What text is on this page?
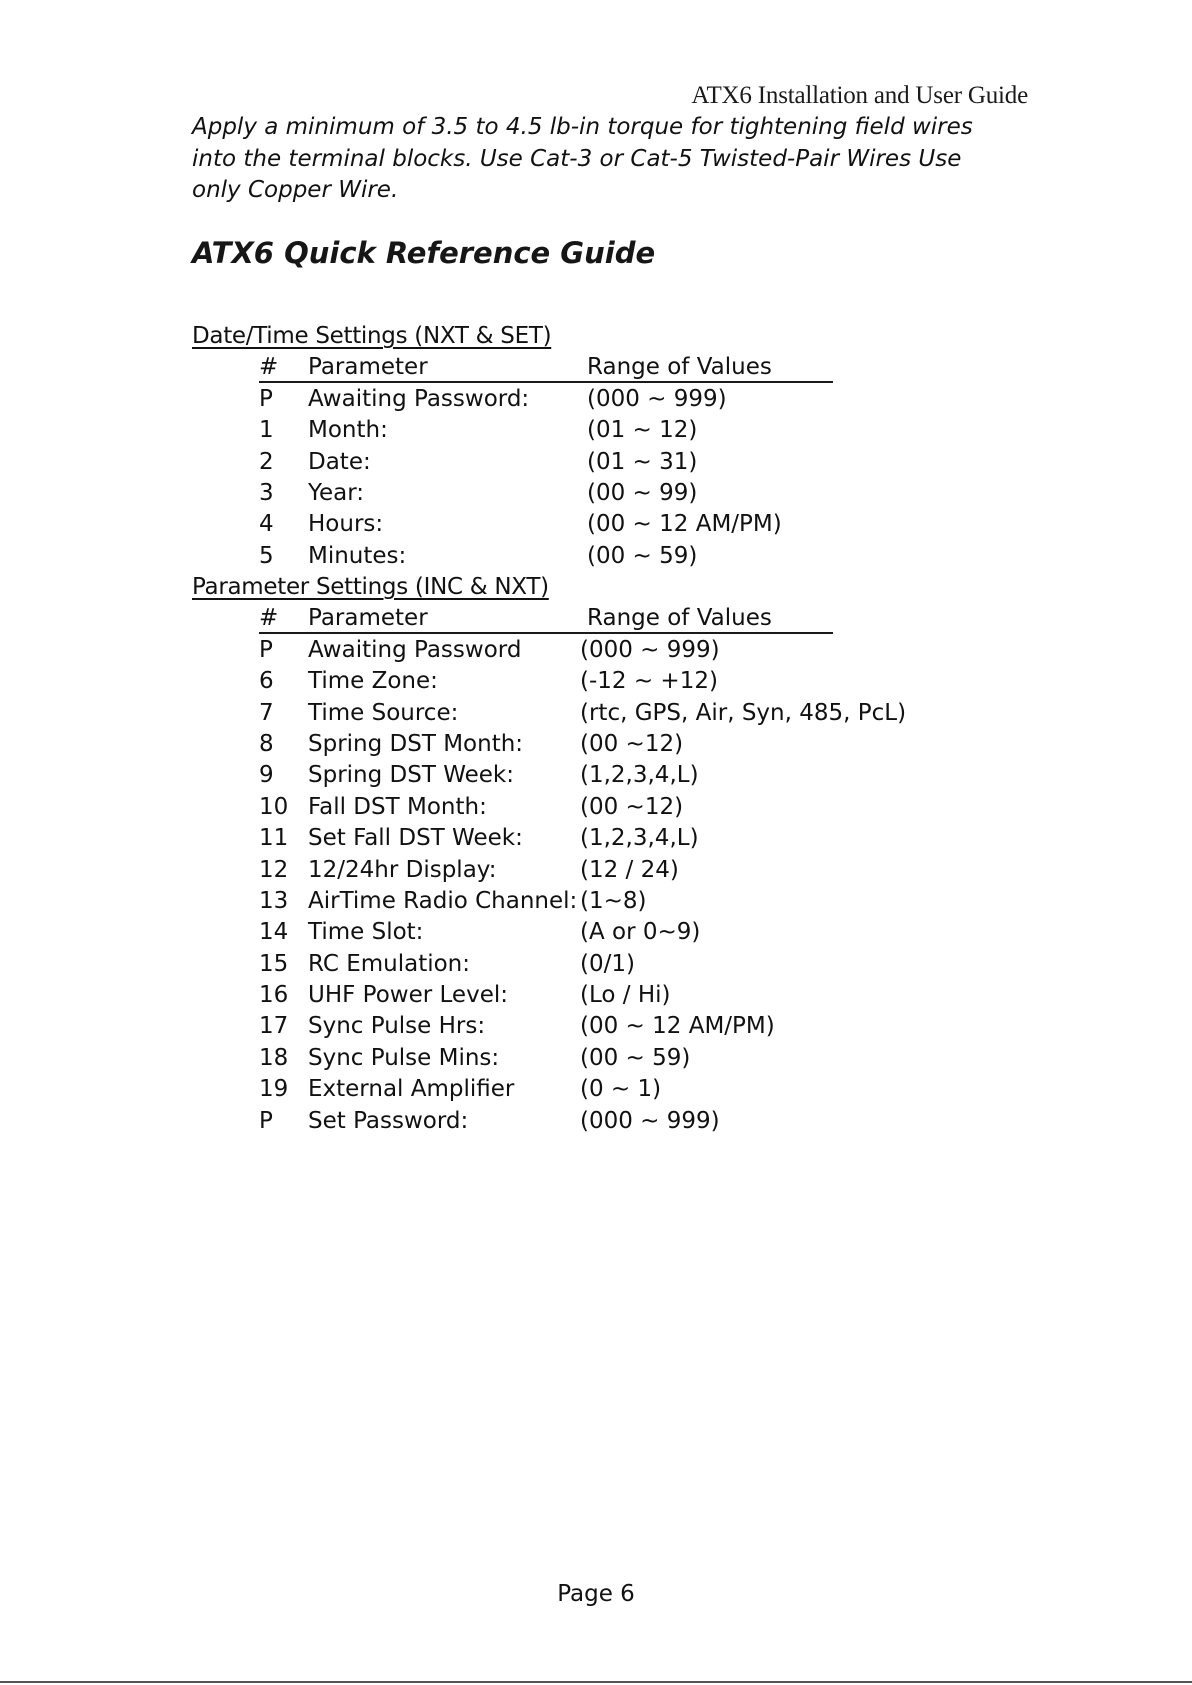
ATX6 Installation and User Guide
Apply a minimum of 3.5 to 4.5 lb-in torque for tightening field wires
into the terminal blocks. Use Cat-3 or Cat-5 Twisted-Pair Wires Use
only Copper Wire.
ATX6 Quick Reference Guide
Date/Time Settings (NXT & SET)
# Parameter	Range of Values
P Awaiting Password:	(000 ~ 999)
1 Month:	(01 ~ 12)
2 Date:	(01 ~ 31)
3 Year:	(00 ~ 99)
4 Hours:	(00 ~ 12 AM/PM)
5 Minutes:	(00 ~ 59)
Parameter Settings (INC & NXT)
# Parameter	Range of Values
P Awaiting Password	(000 ~ 999)
6 Time Zone:	(-12 ~ +12)
7 Time Source:	(rtc, GPS, Air, Syn, 485, PcL)
8 Spring DST Month: (00 ~12)
9 Spring DST Week:	(1,2,3,4,L)
10 Fall DST Month:	(00 ~12)
11 Set Fall DST Week: (1,2,3,4,L)
12 12/24hr Display:	(12 / 24)
13 AirTime Radio Channel: (1~8)
14 Time Slot:	(A or 0~9)
15 RC Emulation:	(0/1)
16 UHF Power Level:	(Lo / Hi)
17 Sync Pulse Hrs:	(00 ~ 12 AM/PM)
18 Sync Pulse Mins:	(00 ~ 59)
19 External Amplifier	(0 ~ 1)
P Set Password:	(000 ~ 999)
Page 6
